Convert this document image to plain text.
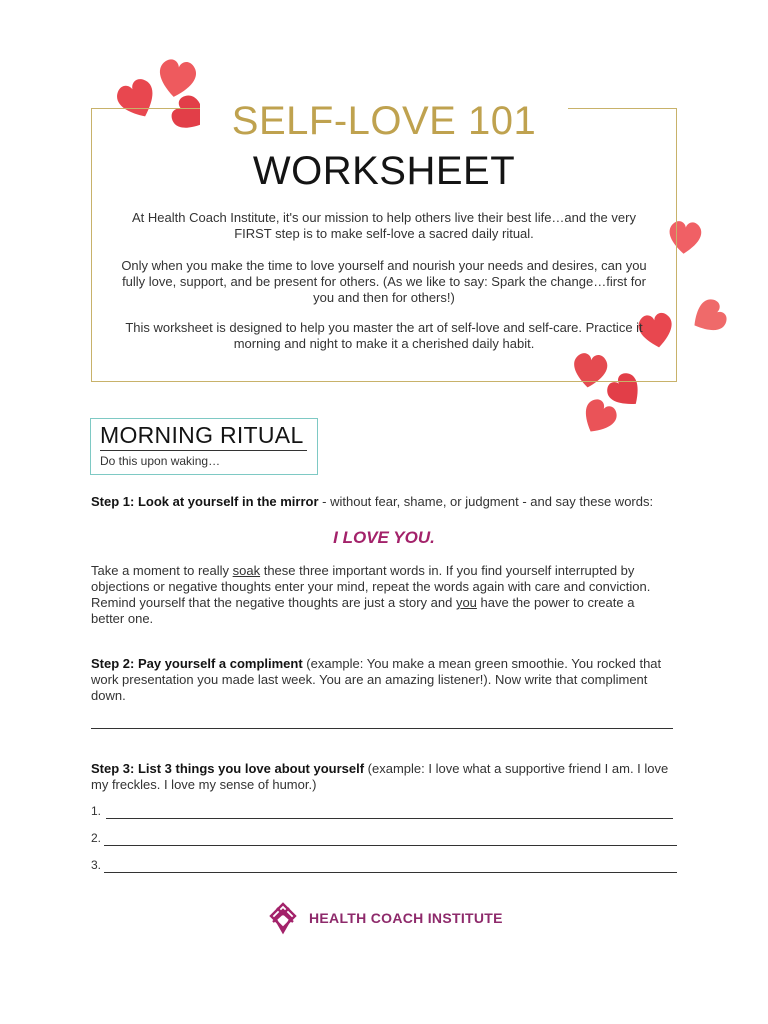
SELF-LOVE 101
WORKSHEET
At Health Coach Institute, it's our mission to help others live their best life…and the very FIRST step is to make self-love a sacred daily ritual.
Only when you make the time to love yourself and nourish your needs and desires, can you fully love, support, and be present for others. (As we like to say: Spark the change…first for you and then for others!)
This worksheet is designed to help you master the art of self-love and self-care. Practice it morning and night to make it a cherished daily habit.
MORNING RITUAL
Do this upon waking…
Step 1: Look at yourself in the mirror - without fear, shame, or judgment - and say these words:
I LOVE YOU.
Take a moment to really soak these three important words in. If you find yourself interrupted by objections or negative thoughts enter your mind, repeat the words again with care and conviction. Remind yourself that the negative thoughts are just a story and you have the power to create a better one.
Step 2: Pay yourself a compliment (example: You make a mean green smoothie. You rocked that work presentation you made last week. You are an amazing listener!). Now write that compliment down.
Step 3: List 3 things you love about yourself (example: I love what a supportive friend I am. I love my freckles. I love my sense of humor.)
1.
2.
3.
HEALTH COACH INSTITUTE
